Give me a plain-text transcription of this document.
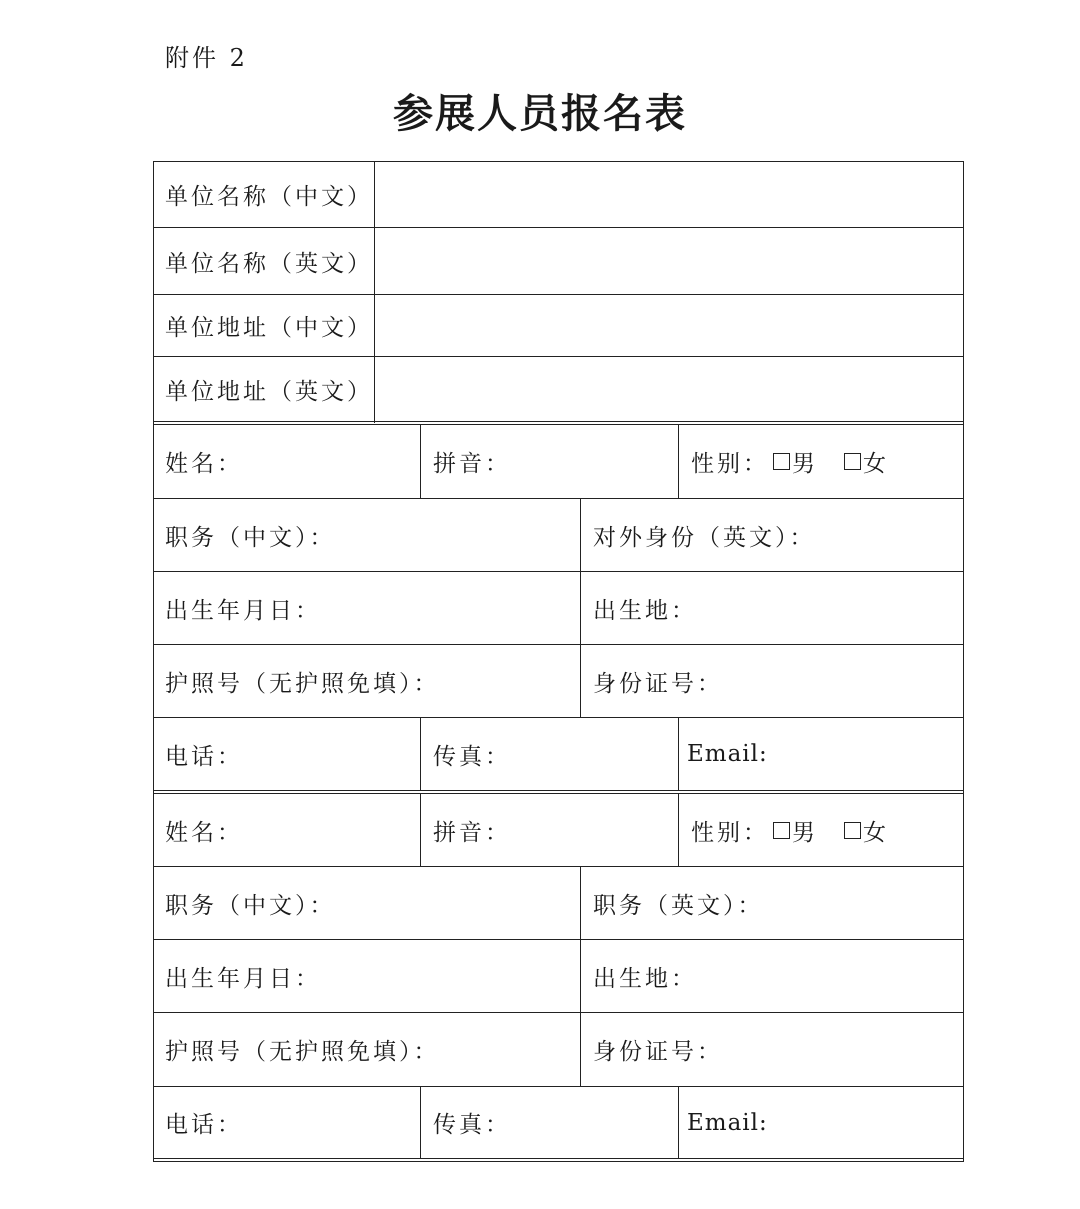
附件 2
参展人员报名表
单位名称（中文）
单位名称（英文）
单位地址（中文）
单位地址（英文）
姓名：	拼音：	性别： 男 女
职务（中文）：	对外身份（英文）：
出生年月日：	出生地：
护照号（无护照免填）：	身份证号：
电话：	传真：	Email:
姓名：	拼音：	性别： 男 女
职务（中文）：	职务（英文）：
出生年月日：	出生地：
护照号（无护照免填）：	身份证号：
电话：	传真：	Email:
